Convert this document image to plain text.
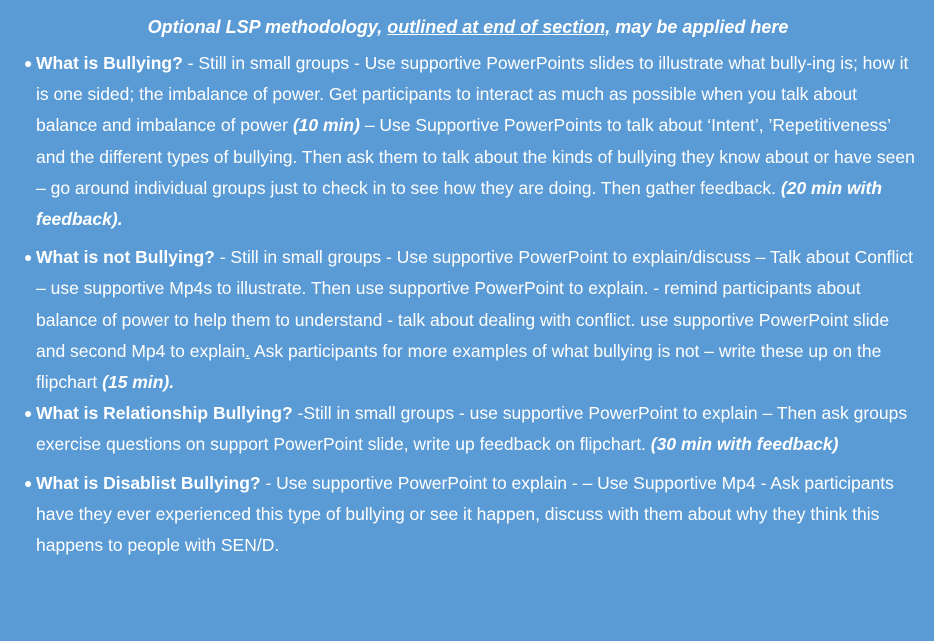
Optional LSP methodology, outlined at end of section, may be applied here
● What is Bullying? - Still in small groups - Use supportive PowerPoints slides to illustrate what bully-ing is; how it is one sided; the imbalance of power. Get participants to interact as much as possible when you talk about balance and imbalance of power (10 min) – Use Supportive PowerPoints to talk about ‘Intent’, ’Repetitiveness’ and the different types of bullying. Then ask them to talk about the kinds of bullying they know about or have seen – go around individual groups just to check in to see how they are doing. Then gather feedback. (20 min with feedback).
● What is not Bullying? - Still in small groups - Use supportive PowerPoint to explain/discuss – Talk about Conflict – use supportive Mp4s to illustrate. Then use supportive PowerPoint to explain. - remind participants about balance of power to help them to understand - talk about dealing with conflict. use supportive PowerPoint slide and second Mp4 to explain. Ask participants for more examples of what bullying is not – write these up on the flipchart (15 min).
● What is Relationship Bullying? -Still in small groups - use supportive PowerPoint to explain – Then ask groups exercise questions on support PowerPoint slide, write up feedback on flipchart. (30 min with feedback)
● What is Disablist Bullying? - Use supportive PowerPoint to explain - – Use Supportive Mp4 - Ask participants have they ever experienced this type of bullying or see it happen, discuss with them about why they think this happens to people with SEN/D.
